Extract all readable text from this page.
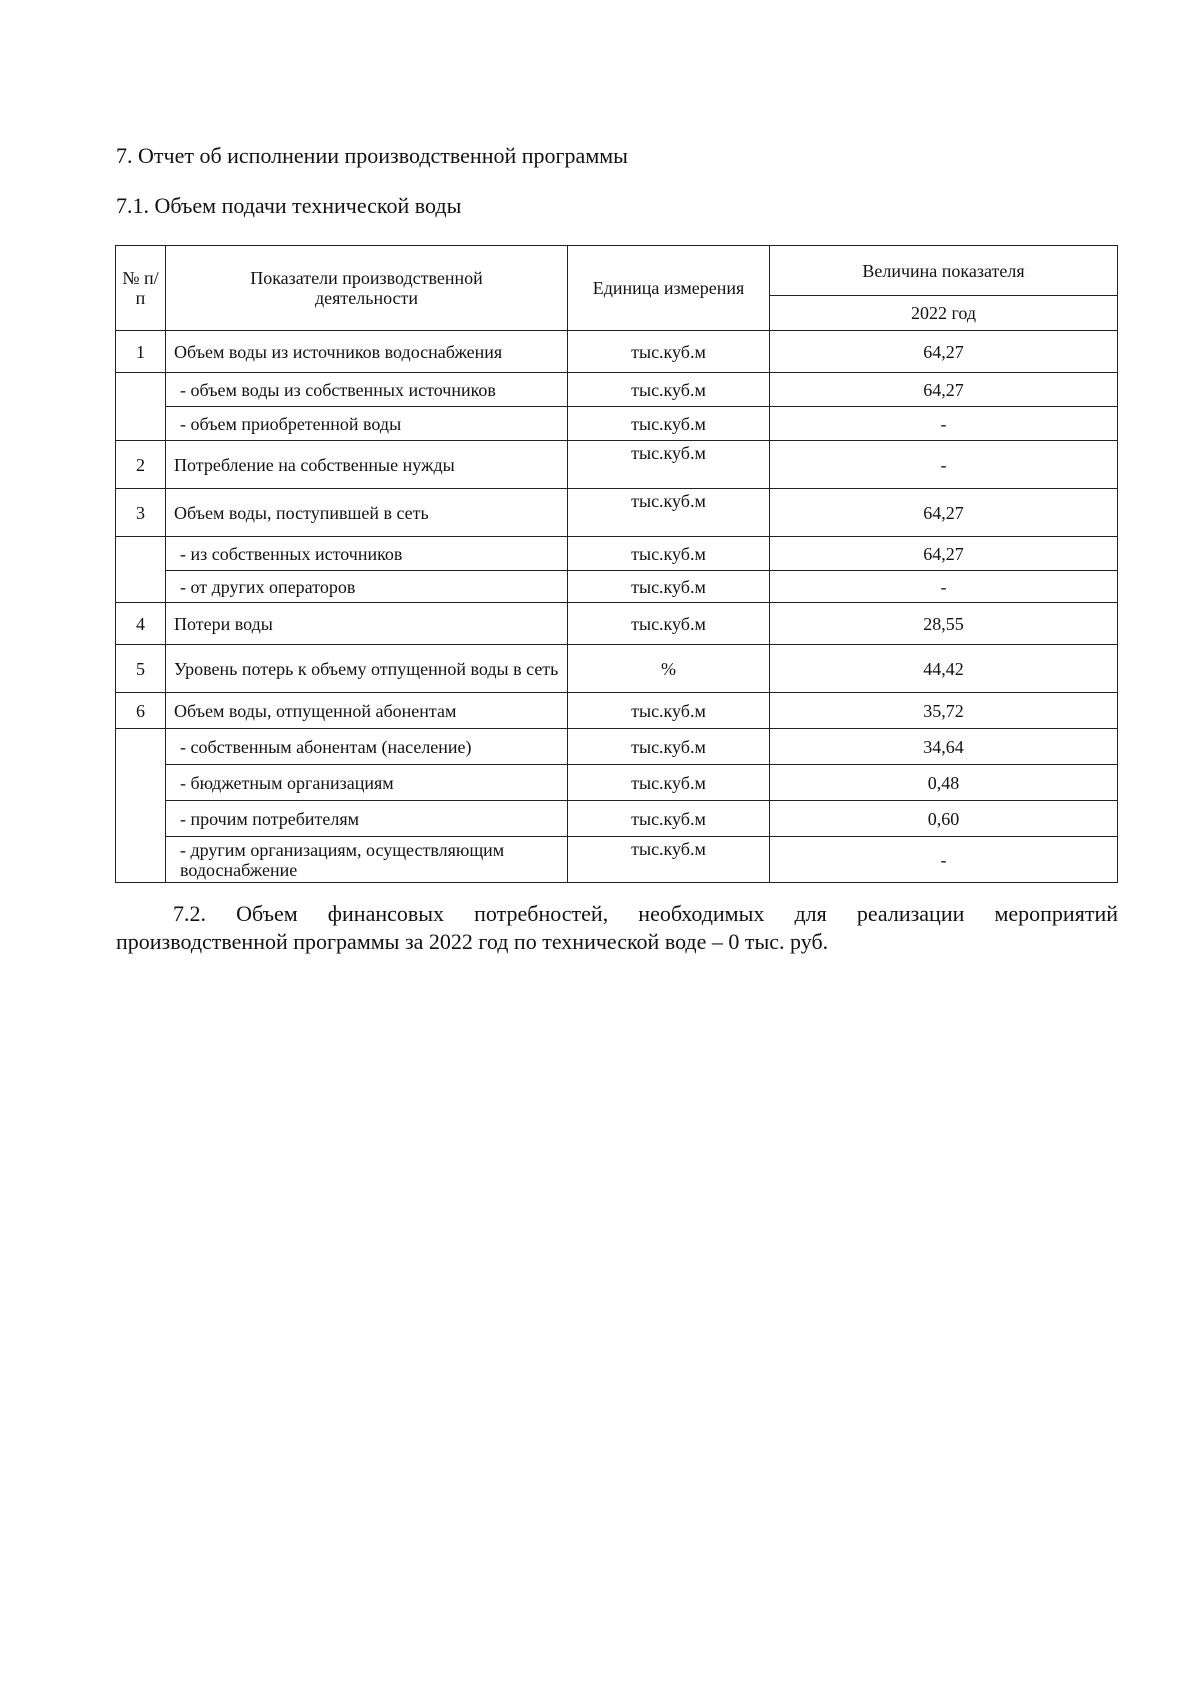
7. Отчет об исполнении производственной программы
7.1. Объем подачи технической воды
№ п/п	Показатели производственной деятельности	Единица измерения	Величина показателя
			2022 год
1	Объем воды из источников водоснабжения	тыс.куб.м	64,27
	- объем воды из собственных источников	тыс.куб.м	64,27
	- объем приобретенной воды	тыс.куб.м	-
2	Потребление на собственные нужды	тыс.куб.м	-
3	Объем воды, поступившей в сеть	тыс.куб.м	64,27
	- из собственных источников	тыс.куб.м	64,27
	- от других операторов	тыс.куб.м	-
4	Потери воды	тыс.куб.м	28,55
5	Уровень потерь к объему отпущенной воды в сеть	%	44,42
6	Объем воды, отпущенной абонентам	тыс.куб.м	35,72
	- собственным абонентам (население)	тыс.куб.м	34,64
	- бюджетным организациям	тыс.куб.м	0,48
	- прочим потребителям	тыс.куб.м	0,60
	- другим организациям, осуществляющим водоснабжение	тыс.куб.м	-
7.2. Объем финансовых потребностей, необходимых для реализации мероприятий производственной программы за 2022 год по технической воде – 0 тыс. руб.
